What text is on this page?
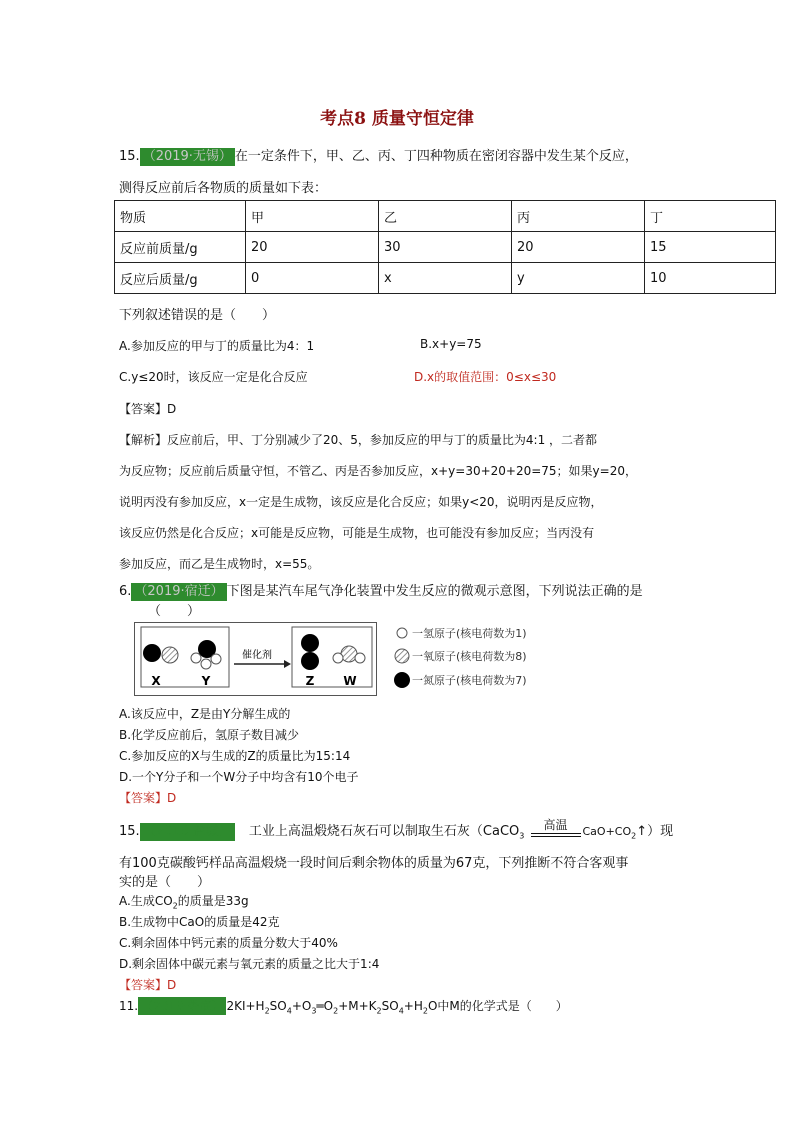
考点8 质量守恒定律
15. （2019·无锡） 在一定条件下，甲、乙、丙、丁四种物质在密闭容器中发生某个反应，
测得反应前后各物质的质量如下表：
物质	甲	乙	丙	丁
反应前质量/g	20	30	20	15
反应后质量/g	0	x	y	10
下列叙述错误的是（　　）
A.参加反应的甲与丁的质量比为4：1	B.x+y=75
C.y≤20时，该反应一定是化合反应	D.x的取值范围：0≤x≤30
【答案】D
【解析】反应前后，甲、丁分别减少了20、5，参加反应的甲与丁的质量比为4:1 ，二者都
为反应物；反应前后质量守恒，不管乙、丙是否参加反应，x+y=30+20+20=75；如果y=20，
说明丙没有参加反应，x一定是生成物，该反应是化合反应；如果y<20，说明丙是反应物，
该反应仍然是化合反应；x可能是反应物，可能是生成物，也可能没有参加反应；当丙没有
参加反应，而乙是生成物时，x=55。
6. （2019·宿迁） 下图是某汽车尾气净化装置中发生反应的微观示意图，下列说法正确的是
（　　）
催化剂
X	Y	Z W
一氢原子(核电荷数为1)
一氧原子(核电荷数为8)
一氮原子(核电荷数为7)
A.该反应中，Z是由Y分解生成的
B.化学反应前后，氢原子数目减少
C.参加反应的X与生成的Z的质量比为15:14
D.一个Y分子和一个W分子中均含有10个电子
【答案】D
15. （2019·盐城） 工业上高温煅烧石灰石可以制取生石灰（CaCO$_3$
高温	$CaO+CO_2↑$）现
有100克碳酸钙样品高温煅烧一段时间后剩余物体的质量为67克，下列推断不符合客观事
实的是（　　）
A.生成$CO_2$的质量是33g
B.生成物中CaO的质量是42克
C.剩余固体中钙元素的质量分数大于40%
D.剩余固体中碳元素与氧元素的质量之比大于1:4
【答案】D
11. （2019·娄底） $2KI+H_2SO_4+O_3═O_2+M+K_2SO_4+H_2O$中M的化学式是（　　）
